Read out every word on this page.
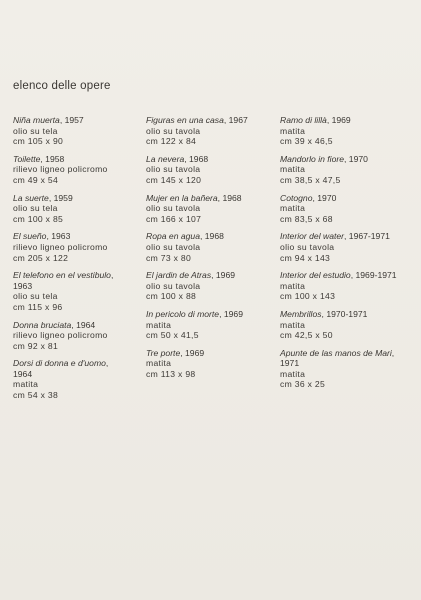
elenco delle opere
Niña muerta, 1957
olio su tela
cm 105 x 90
Toilette, 1958
rilievo ligneo policromo
cm 49 x 54
La suerte, 1959
olio su tela
cm 100 x 85
El sueño, 1963
rilievo ligneo policromo
cm 205 x 122
El telefono en el vestibulo,
1963
olio su tela
cm 115 x 96
Donna bruciata, 1964
rilievo ligneo policromo
cm 92 x 81
Dorsi di donna e d'uomo,
1964
matita
cm 54 x 38
Figuras en una casa, 1967
olio su tavola
cm 122 x 84
La nevera, 1968
olio su tavola
cm 145 x 120
Mujer en la bañera, 1968
olio su tavola
cm 166 x 107
Ropa en agua, 1968
olio su tavola
cm 73 x 80
El jardin de Atras, 1969
olio su tavola
cm 100 x 88
In pericolo di morte, 1969
matita
cm 50 x 41,5
Tre porte, 1969
matita
cm 113 x 98
Ramo di lillà, 1969
matita
cm 39 x 46,5
Mandorlo in fiore, 1970
matita
cm 38,5 x 47,5
Cotogno, 1970
matita
cm 83,5 x 68
Interior del water, 1967-1971
olio su tavola
cm 94 x 143
Interior del estudio, 1969-1971
matita
cm 100 x 143
Membrillos, 1970-1971
matita
cm 42,5 x 50
Apunte de las manos de Mari,
1971
matita
cm 36 x 25
